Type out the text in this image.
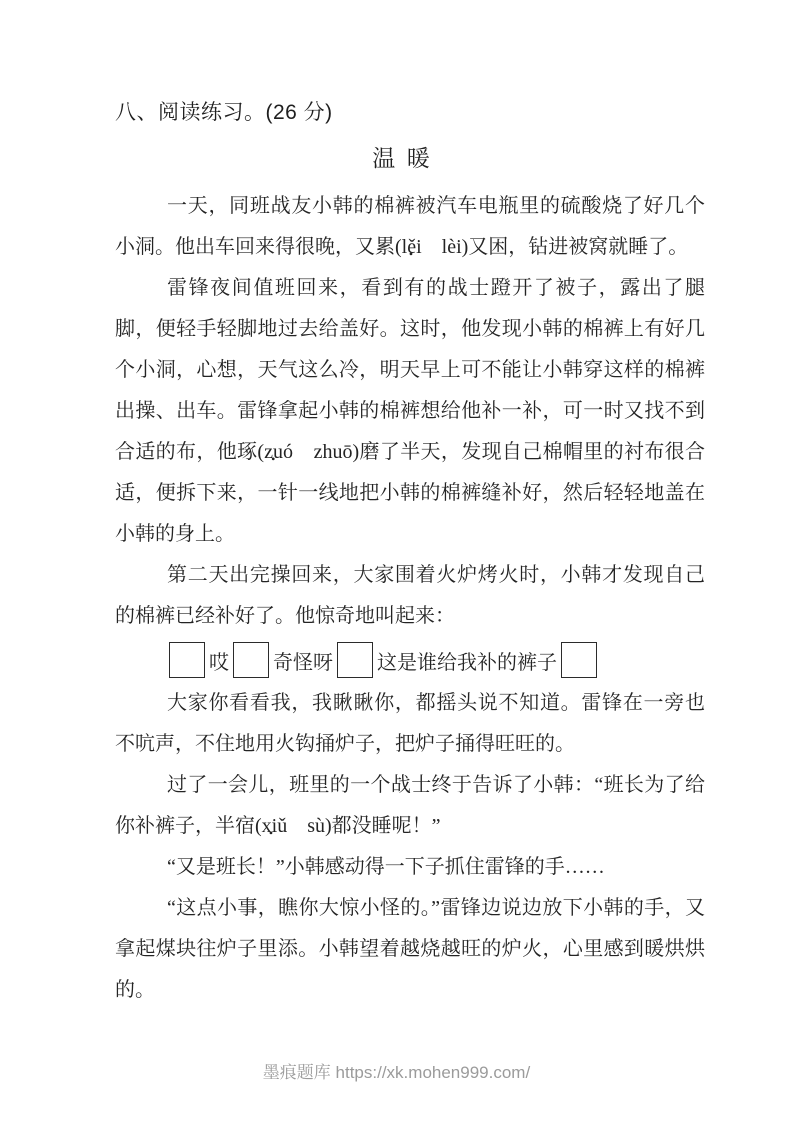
八、阅读练习。(26 分)
温 暖

一天，同班战友小韩的棉裤被汽车电瓶里的硫酸烧了好几个小洞。他出车回来得很晚，又累(lěi　lèi)又困，钻进被窝就睡了。

雷锋夜间值班回来，看到有的战士蹬开了被子，露出了腿脚，便轻手轻脚地过去给盖好。这时，他发现小韩的棉裤上有好几个小洞，心想，天气这么冷，明天早上可不能让小韩穿这样的棉裤出操、出车。雷锋拿起小韩的棉裤想给他补一补，可一时又找不到合适的布，他琢(zuó　zhuō)磨了半天，发现自己棉帽里的衬布很合适，便拆下来，一针一线地把小韩的棉裤缝补好，然后轻轻地盖在小韩的身上。

第二天出完操回来，大家围着火炉烤火时，小韩才发现自己的棉裤已经补好了。他惊奇地叫起来：

哎 奇怪呀 这是谁给我补的裤子

大家你看看我，我瞅瞅你，都摇头说不知道。雷锋在一旁也不吭声，不住地用火钩捅炉子，把炉子捅得旺旺的。

过了一会儿，班里的一个战士终于告诉了小韩：“班长为了给你补裤子，半宿(xiǔ　sù)都没睡呢！”

“又是班长！”小韩感动得一下子抓住雷锋的手……

“这点小事，瞧你大惊小怪的。”雷锋边说边放下小韩的手，又拿起煤块往炉子里添。小韩望着越烧越旺的炉火，心里感到暖烘烘的。

墨痕题库 https://xk.mohen999.com/
